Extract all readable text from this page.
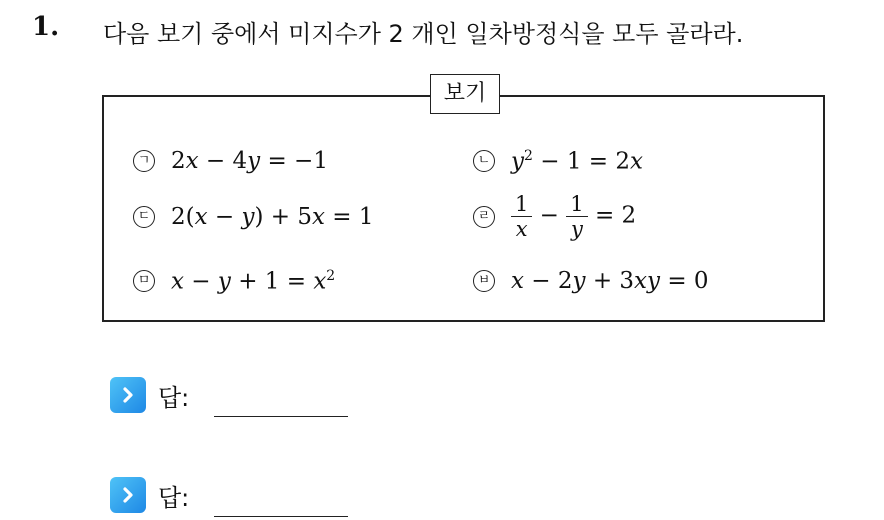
1. 다음 보기 중에서 미지수가 2 개인 일차방정식을 모두 골라라.
보기
ㄱ 2x − 4y = −1	ㄴ $y^2 - 1 = 2x$
ㄷ 2(x − y) + 5x = 1	ㄹ $\frac{1}{x} - \frac{1}{y} = 2$
ㅁ $x - y + 1 = x^2$	ㅂ x − 2y + 3xy = 0
답:
답:
